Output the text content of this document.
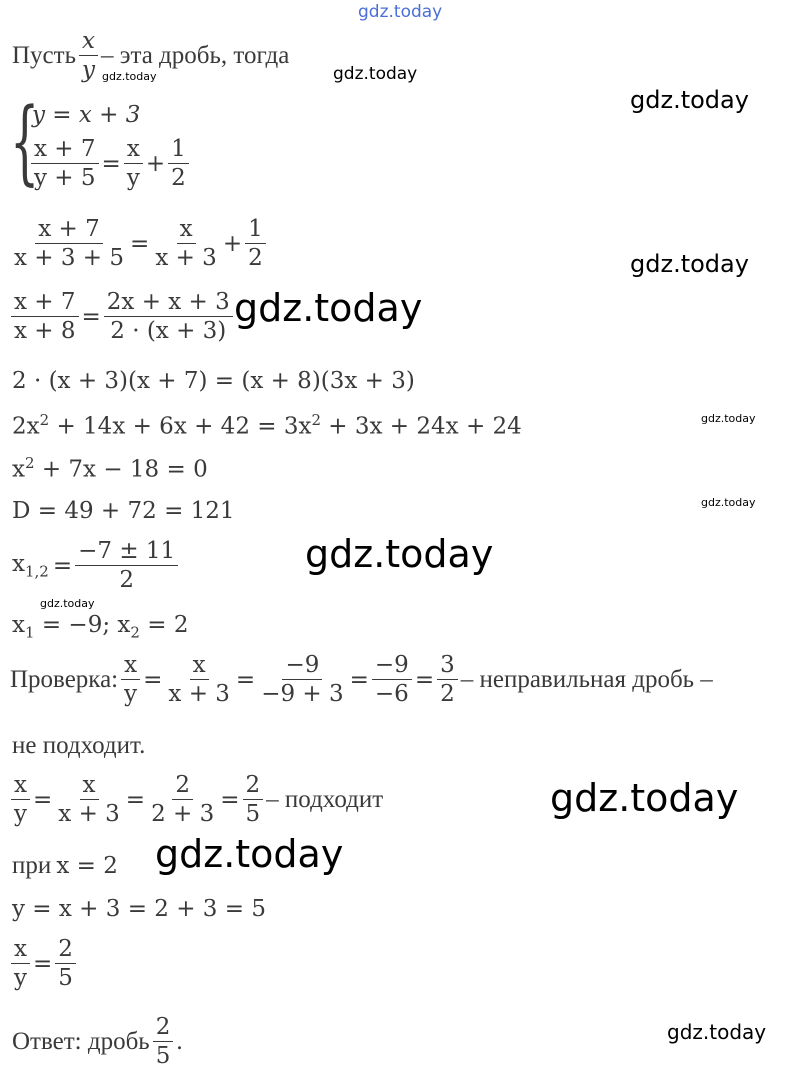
gdz.today
gdz.today	gdz.today
gdz.today
gdz.today
gdz.today
gdz.today
gdz.today
gdz.today
gdz.today
gdz.today
gdz.today
gdz.today
Пусть $\frac{x}{y}$ – эта дробь, тогда
{
y = x + 3
$\frac{x + 7}{y + 5} = \frac{x}{y} + \frac{1}{2}$
$\frac{x + 7}{x + 3 + 5} = \frac{x}{x + 3} + \frac{1}{2}$
$\frac{x + 7}{x + 8} = \frac{2x + x + 3}{2 \cdot (x + 3)}$
2 · (x + 3)(x + 7) = (x + 8)(3x + 3)
$2x^2 + 14x + 6x + 42 = 3x^2 + 3x + 24x + 24$
$x^2 + 7x - 18 = 0$
D = 49 + 72 = 121
$x_{1,2} = \frac{-7 \pm 11}{2}$
$x_1 = -9$; $x_2 = 2$
Проверка: $\frac{x}{y} = \frac{x}{x + 3} = \frac{-9}{-9 + 3} = \frac{-9}{-6} = \frac{3}{2}$ – неправильная дробь –
не подходит.
$\frac{x}{y} = \frac{x}{x + 3} = \frac{2}{2 + 3} = \frac{2}{5}$ – подходит
при x = 2
y = x + 3 = 2 + 3 = 5
$\frac{x}{y} = \frac{2}{5}$
Ответ: дробь $\frac{2}{5}$ .
